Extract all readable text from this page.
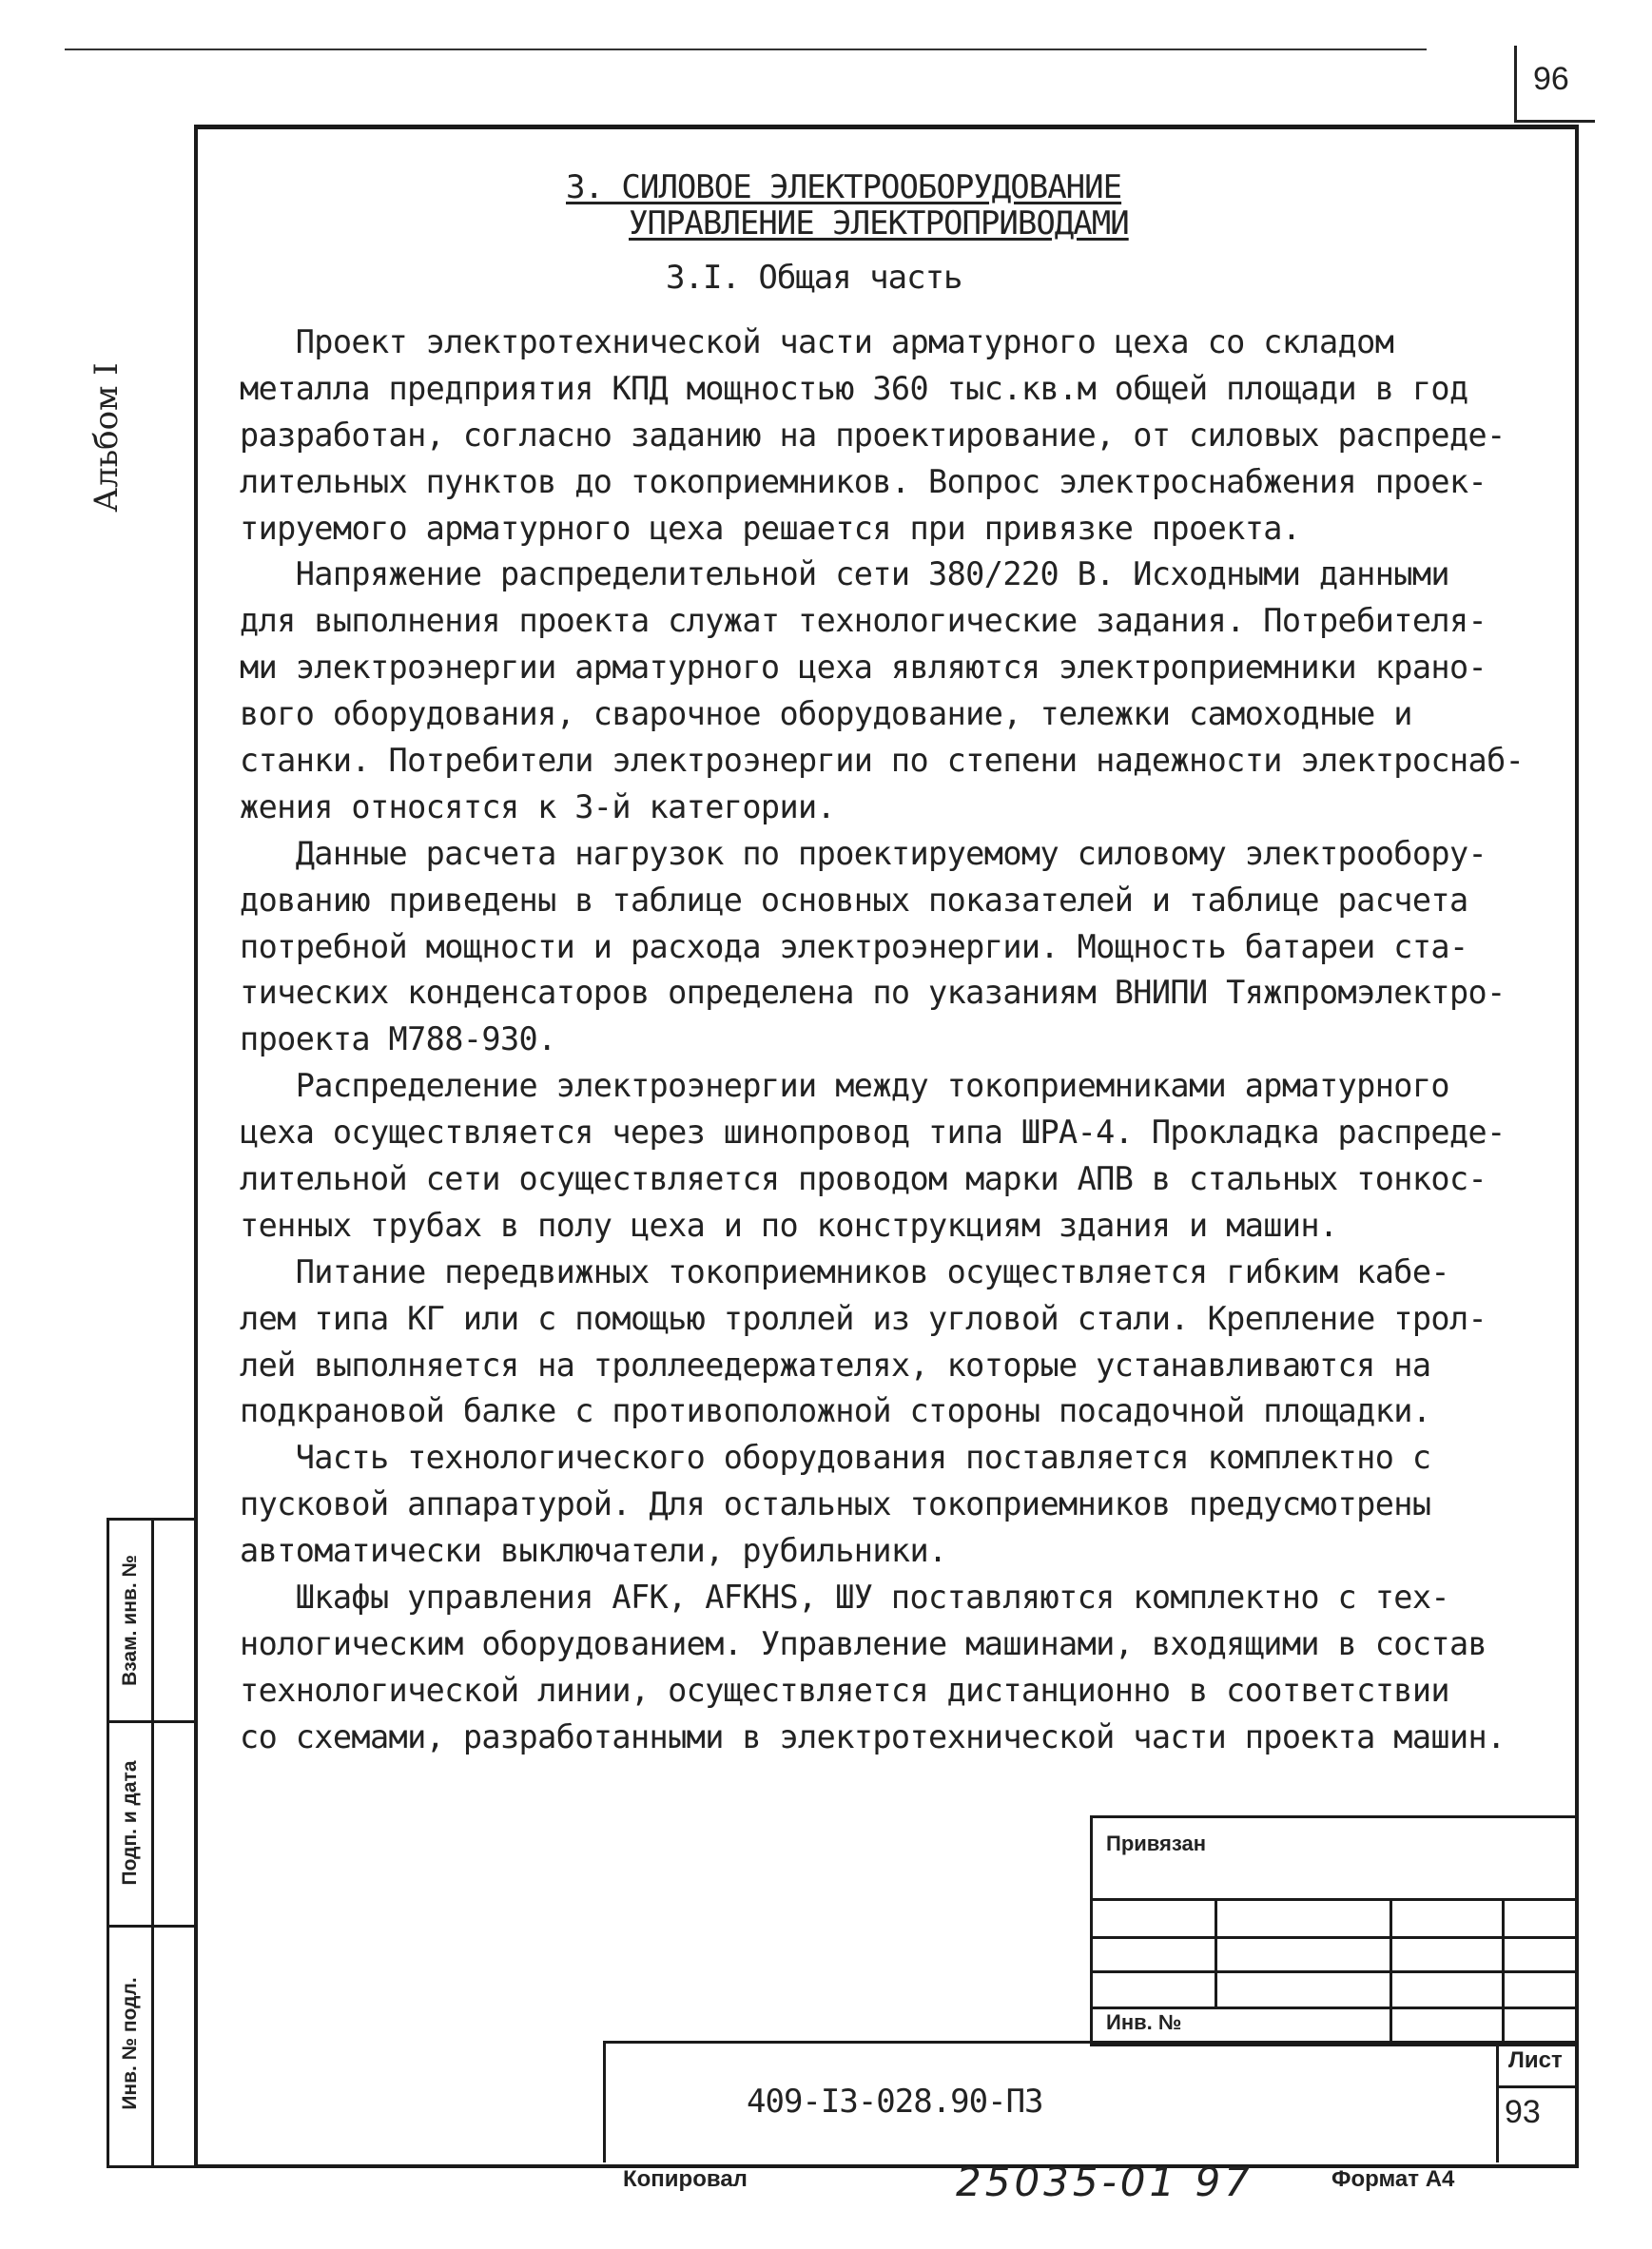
96
Альбом I
3. СИЛОВОЕ ЭЛЕКТРООБОРУДОВАНИЕ
УПРАВЛЕНИЕ ЭЛЕКТРОПРИВОДАМИ
3.I. Общая часть
Проект электротехнической части арматурного цеха со складом
металла предприятия КПД мощностью 360 тыс.кв.м общей площади в год
разработан, согласно заданию на проектирование, от силовых распреде-
лительных пунктов до токоприемников. Вопрос электроснабжения проек-
тируемого арматурного цеха решается при привязке проекта.
Напряжение распределительной сети 380/220 В. Исходными данными
для выполнения проекта служат технологические задания. Потребителя-
ми электроэнергии арматурного цеха являются электроприемники крано-
вого оборудования, сварочное оборудование, тележки самоходные и
станки. Потребители электроэнергии по степени надежности электроснаб-
жения относятся к 3-й категории.
Данные расчета нагрузок по проектируемому силовому электрообору-
дованию приведены в таблице основных показателей и таблице расчета
потребной мощности и расхода электроэнергии. Мощность батареи ста-
тических конденсаторов определена по указаниям ВНИПИ Тяжпромэлектро-
проекта М788-930.
Распределение электроэнергии между токоприемниками арматурного
цеха осуществляется через шинопровод типа ШРА-4. Прокладка распреде-
лительной сети осуществляется проводом марки АПВ в стальных тонкос-
тенных трубах в полу цеха и по конструкциям здания и машин.
Питание передвижных токоприемников осуществляется гибким кабе-
лем типа КГ или с помощью троллей из угловой стали. Крепление трол-
лей выполняется на троллеедержателях, которые устанавливаются на
подкрановой балке с противоположной стороны посадочной площадки.
Часть технологического оборудования поставляется комплектно с
пусковой аппаратурой. Для остальных токоприемников предусмотрены
автоматически выключатели, рубильники.
Шкафы управления AFK, AFKHS, ШУ поставляются комплектно с тех-
нологическим оборудованием. Управление машинами, входящими в состав
технологической линии, осуществляется дистанционно в соответствии
со схемами, разработанными в электротехнической части проекта машин.
Взам. инв. №
Подп. и дата
Инв. № подл.
Привязан
Инв. №
409-I3-028.90-ПЗ
Лист
93
Копировал	25035-01 97	Формат А4
